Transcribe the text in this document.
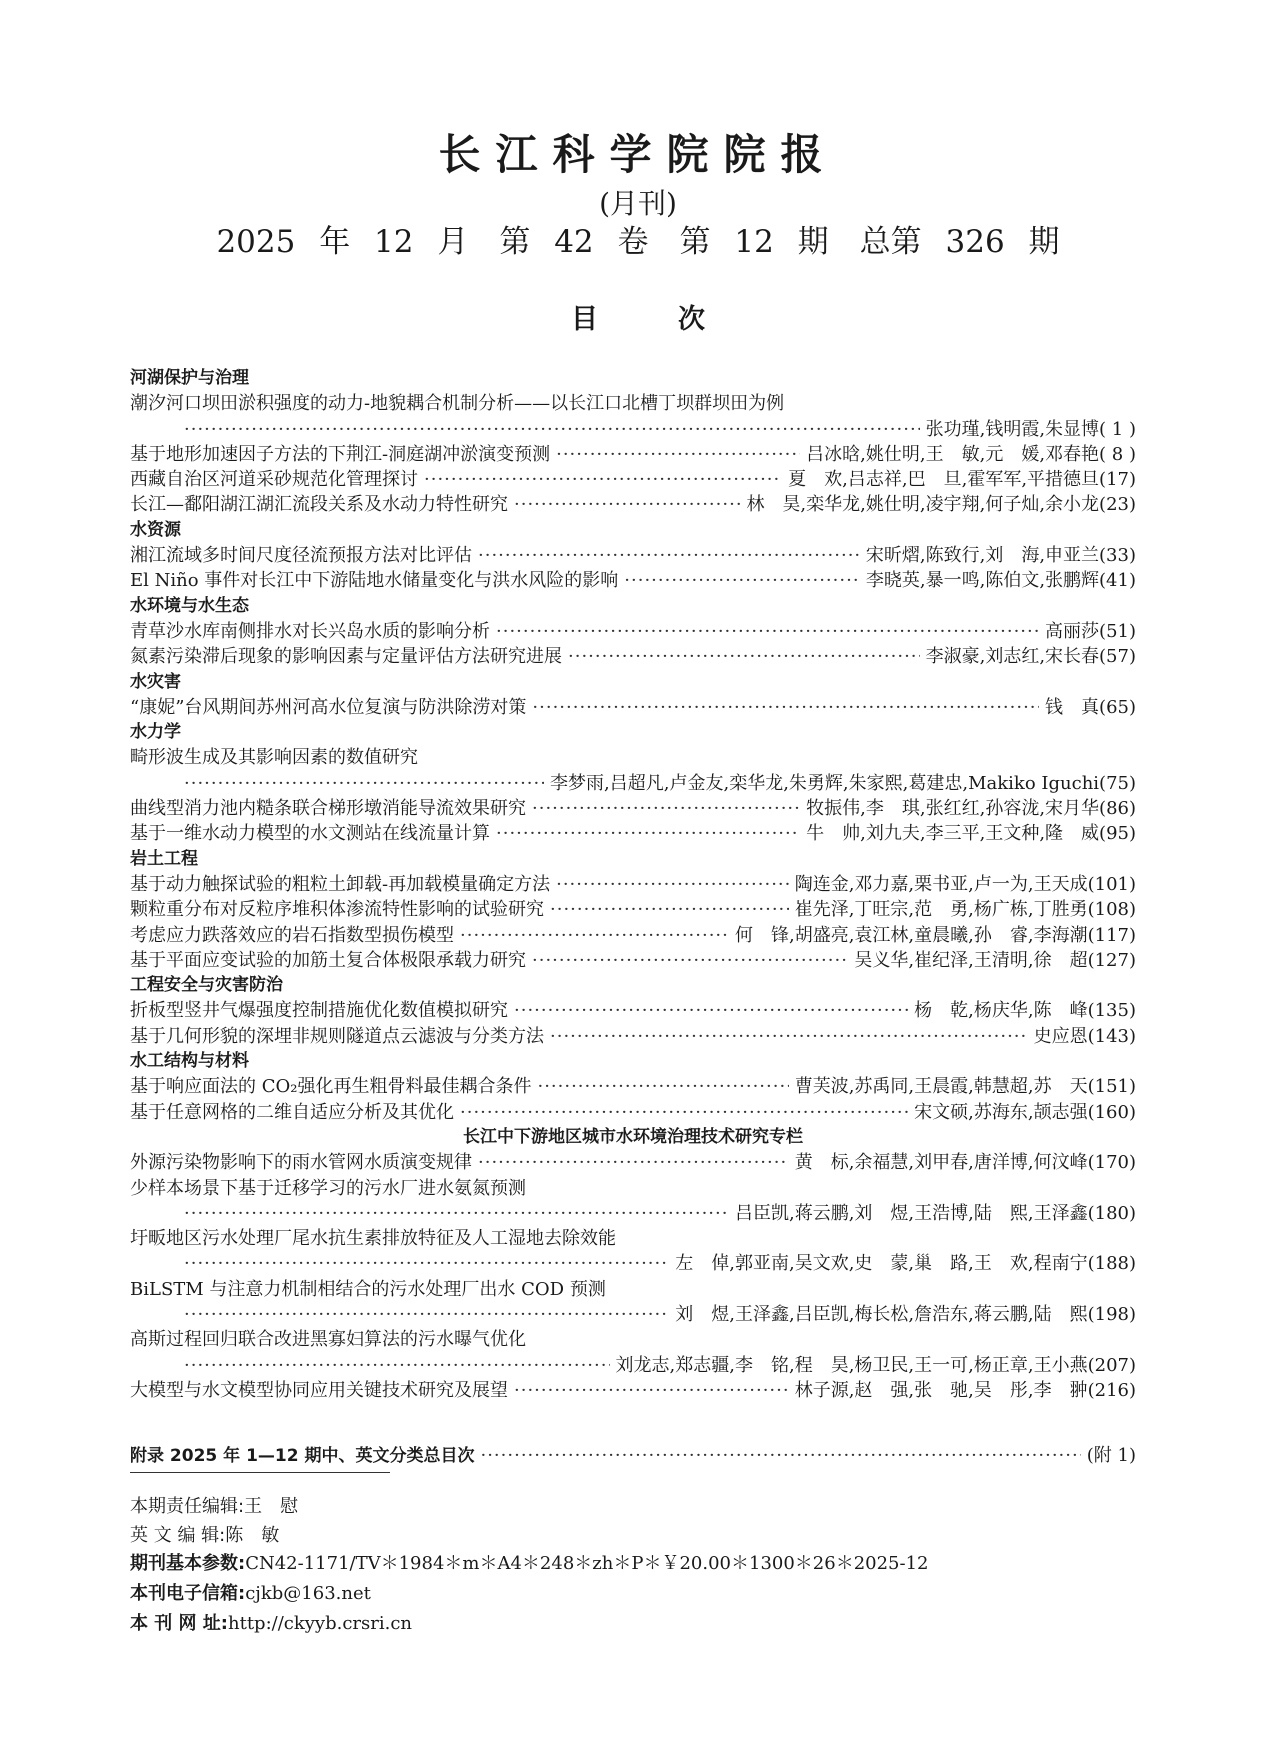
长江科学院院报
(月刊)
2025 年 12 月　第 42 卷　第 12 期　总第 326 期
目次
河湖保护与治理
潮汐河口坝田淤积强度的动力-地貌耦合机制分析——以长江口北槽丁坝群坝田为例
·····
张功瑾,钱明霞,朱显博( 1 )
基于地形加速因子方法的下荆江-洞庭湖冲淤演变预测 ·····	吕冰晗,姚仕明,王　敏,元　媛,邓春艳( 8 )
西藏自治区河道采砂规范化管理探讨 ·····	夏　欢,吕志祥,巴　旦,霍军军,平措德旦(17)
长江—鄱阳湖江湖汇流段关系及水动力特性研究 ·····	林　昊,栾华龙,姚仕明,凌宇翔,何子灿,余小龙(23)
水资源
湘江流域多时间尺度径流预报方法对比评估 ·····	宋昕熠,陈致行,刘　海,申亚兰(33)
El Niño 事件对长江中下游陆地水储量变化与洪水风险的影响 ·····	李晓英,暴一鸣,陈伯文,张鹏辉(41)
水环境与水生态
青草沙水库南侧排水对长兴岛水质的影响分析 ·····	高丽莎(51)
氮素污染滞后现象的影响因素与定量评估方法研究进展 ·····	李淑豪,刘志红,宋长春(57)
水灾害
“康妮”台风期间苏州河高水位复演与防洪除涝对策 ·····	钱　真(65)
水力学
畸形波生成及其影响因素的数值研究
·····
李梦雨,吕超凡,卢金友,栾华龙,朱勇辉,朱家熙,葛建忠,Makiko Iguchi(75)
曲线型消力池内糙条联合梯形墩消能导流效果研究 ·····	牧振伟,李　琪,张红红,孙容泷,宋月华(86)
基于一维水动力模型的水文测站在线流量计算 ·····	牛　帅,刘九夫,李三平,王文种,隆　威(95)
岩土工程
基于动力触探试验的粗粒土卸载-再加载模量确定方法 ·····	陶连金,邓力嘉,栗书亚,卢一为,王天成(101)
颗粒重分布对反粒序堆积体渗流特性影响的试验研究 ·····	崔先泽,丁旺宗,范　勇,杨广栋,丁胜勇(108)
考虑应力跌落效应的岩石指数型损伤模型 ·····	何　锋,胡盛亮,袁江林,童晨曦,孙　睿,李海潮(117)
基于平面应变试验的加筋土复合体极限承载力研究 ·····	吴义华,崔纪泽,王清明,徐　超(127)
工程安全与灾害防治
折板型竖井气爆强度控制措施优化数值模拟研究 ·····	杨　乾,杨庆华,陈　峰(135)
基于几何形貌的深埋非规则隧道点云滤波与分类方法 ·····	史应恩(143)
水工结构与材料
基于响应面法的 CO₂强化再生粗骨料最佳耦合条件 ·····	曹芙波,苏禹同,王晨霞,韩慧超,苏　天(151)
基于任意网格的二维自适应分析及其优化 ·····	宋文硕,苏海东,颉志强(160)
长江中下游地区城市水环境治理技术研究专栏
外源污染物影响下的雨水管网水质演变规律 ·····	黄　标,余福慧,刘甲春,唐洋博,何汶峰(170)
少样本场景下基于迁移学习的污水厂进水氨氮预测
·····
吕臣凯,蒋云鹏,刘　煜,王浩博,陆　熙,王泽鑫(180)
圩畈地区污水处理厂尾水抗生素排放特征及人工湿地去除效能
·····
左　倬,郭亚南,吴文欢,史　蒙,巢　路,王　欢,程南宁(188)
BiLSTM 与注意力机制相结合的污水处理厂出水 COD 预测
·····
刘　煜,王泽鑫,吕臣凯,梅长松,詹浩东,蒋云鹏,陆　熙(198)
高斯过程回归联合改进黑寡妇算法的污水曝气优化
·····
刘龙志,郑志疆,李　铭,程　昊,杨卫民,王一可,杨正章,王小燕(207)
大模型与水文模型协同应用关键技术研究及展望 ·····	林子源,赵　强,张　驰,吴　彤,李　翀(216)
附录 2025 年 1—12 期中、英文分类总目次 ·····	(附 1)
本期责任编辑:王　慰
英 文 编 辑:陈　敏
期刊基本参数:CN42-1171/TV＊1984＊m＊A4＊248＊zh＊P＊￥20.00＊1300＊26＊2025-12
本刊电子信箱:cjkb@163.net
本 刊 网 址:http://ckyyb.crsri.cn
